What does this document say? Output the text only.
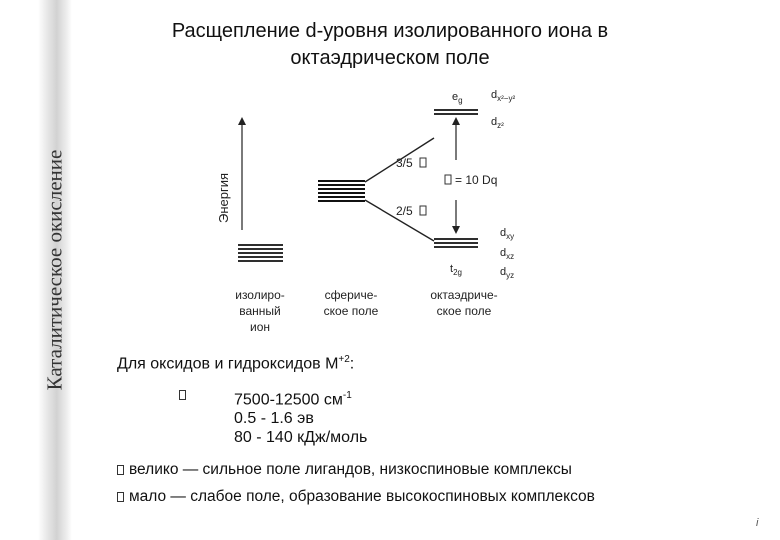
Каталитическое окисление
Расщепление d-уровня изолированного иона в
октаэдрическом поле
Энергия
3/5
2/5
= 10 Dq
$e_g$
$t_{2g}$
$d_{x^2-y^2}$
$d_{z^2}$
$d_{xy}$
$d_{xz}$
$d_{yz}$
изолиро-
ванный
ион
сфериче-
ское поле
октаэдриче-
ское поле
Для оксидов и гидроксидов $M^{+2}$:
7500-12500 $см^{-1}$
0.5 - 1.6 эв
80 - 140 кДж/моль
велико — сильное поле лигандов, низкоспиновые комплексы
мало — слабое поле, образование высокоспиновых комплексов
i
